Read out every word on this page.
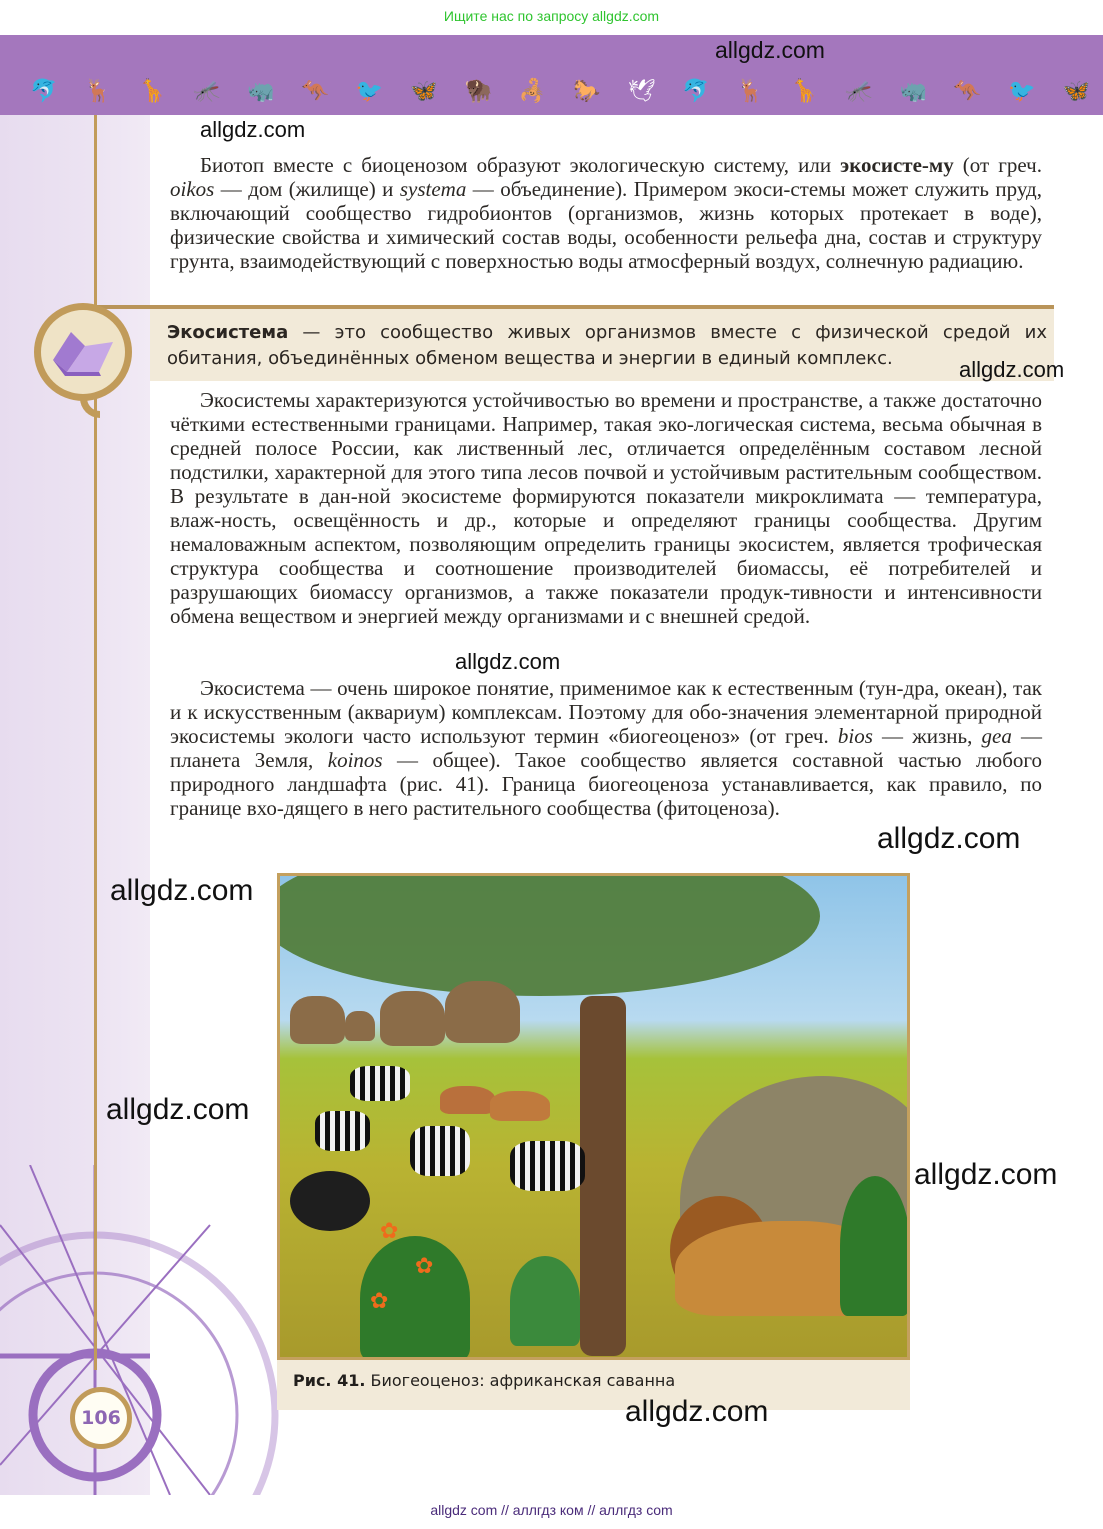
Ищите нас по запросу allgdz.com
🐬 🦌 🦒 🦟 🦏 🦘 🐦 🦋 🦬 🦂 🐎 🕊 🐬 🦌 🦒 🦟 🦏 🦘 🐦 🦋
allgdz.com
allgdz.com
Биотоп вместе с биоценозом образуют экологическую систему, или экосисте-му (от греч. oikos — дом (жилище) и systema — объединение). Примером экоси-стемы может служить пруд, включающий сообщество гидробионтов (организмов, жизнь которых протекает в воде), физические свойства и химический состав воды, особенности рельефа дна, состав и структуру грунта, взаимодействующий с поверхностью воды атмосферный воздух, солнечную радиацию.
Экосистема — это сообщество живых организмов вместе с физической средой их обитания, объединённых обменом вещества и энергии в единый комплекс.	allgdz.com
Экосистемы характеризуются устойчивостью во времени и пространстве, а также достаточно чёткими естественными границами. Например, такая эко-логическая система, весьма обычная в средней полосе России, как лиственный лес, отличается определённым составом лесной подстилки, характерной для этого типа лесов почвой и устойчивым растительным сообществом. В результате в дан-ной экосистеме формируются показатели микроклимата — температура, влаж-ность, освещённость и др., которые и определяют границы сообщества. Другим немаловажным аспектом, позволяющим определить границы экосистем, является трофическая структура сообщества и соотношение производителей биомассы, её потребителей и разрушающих биомассу организмов, а также показатели продук-тивности и интенсивности обмена веществом и энергией между организмами и с внешней средой.
allgdz.com
Экосистема — очень широкое понятие, применимое как к естественным (тун-дра, океан), так и к искусственным (аквариум) комплексам. Поэтому для обо-значения элементарной природной экосистемы экологи часто используют термин «биогеоценоз» (от греч. bios — жизнь, gea — планета Земля, koinos — общее). Такое сообщество является составной частью любого природного ландшафта (рис. 41). Граница биогеоценоза устанавливается, как правило, по границе вхо-дящего в него растительного сообщества (фитоценоза).
allgdz.com
allgdz.com
allgdz.com
allgdz.com
✿
✿
✿
Рис. 41. Биогеоценоз: африканская саванна
allgdz.com
106
allgdz com // аллгдз ком // аллгдз com
